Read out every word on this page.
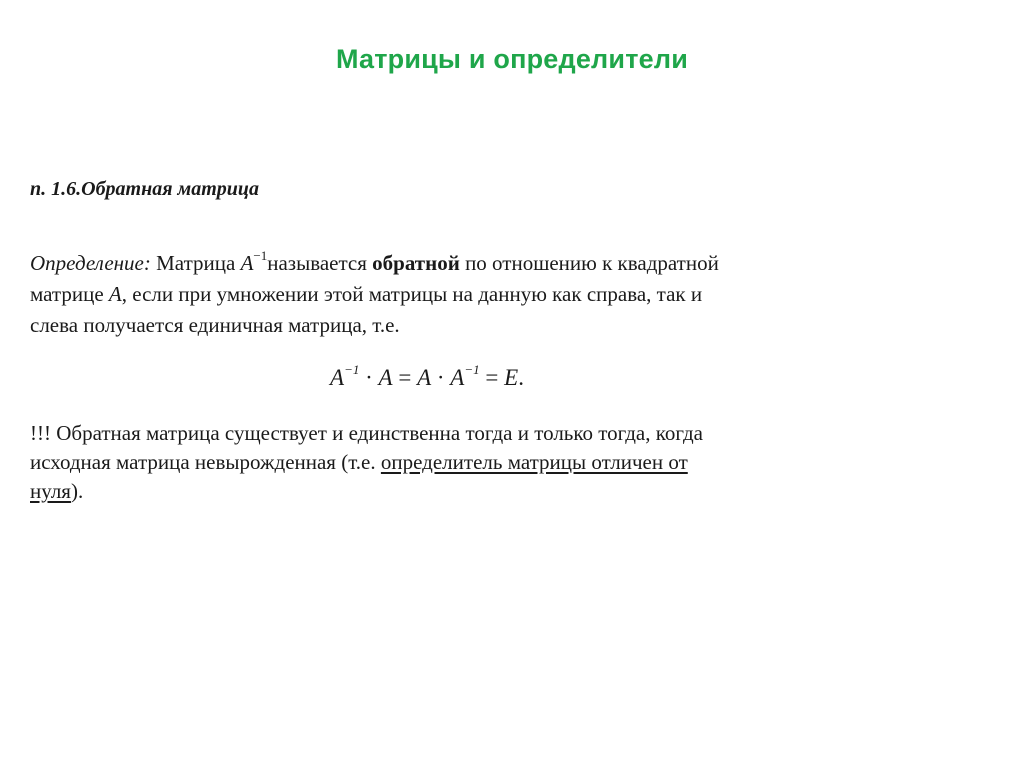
Матрицы и определители
п. 1.6.Обратная матрица
Определение: Матрица $A^{-1}называется$ обратной по отношению к квадратной
матрице A, если при умножении этой матрицы на данную как справа, так и
слева получается единичная матрица, т.е.
$A^{-1} \cdot A = A \cdot A^{-1} = E$.
!!! Обратная матрица существует и единственна тогда и только тогда, когда
исходная матрица невырожденная (т.е. определитель матрицы отличен от
нуля).
